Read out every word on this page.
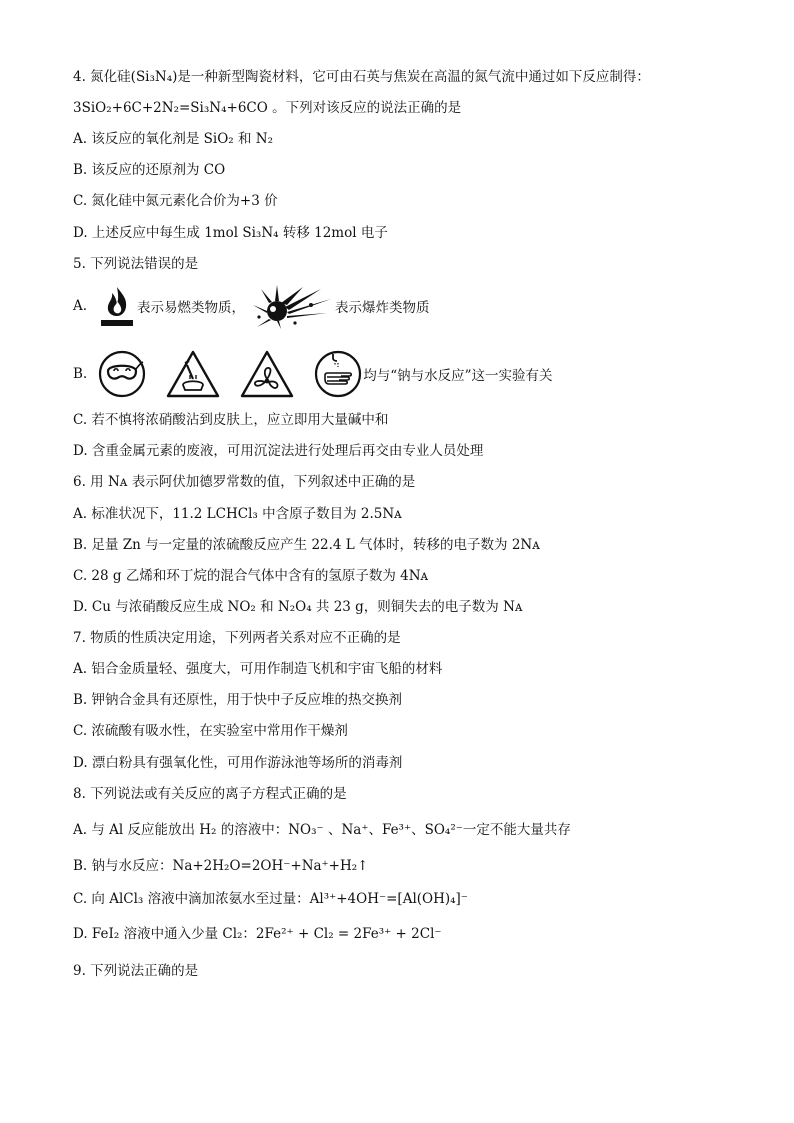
4. 氮化硅(Si₃N₄)是一种新型陶瓷材料，它可由石英与焦炭在高温的氮气流中通过如下反应制得：
3SiO₂+6C+2N₂=Si₃N₄+6CO 。下列对该反应的说法正确的是
A. 该反应的氧化剂是 SiO₂ 和 N₂
B. 该反应的还原剂为 CO
C. 氮化硅中氮元素化合价为+3 价
D. 上述反应中每生成 1mol Si₃N₄ 转移 12mol 电子
5. 下列说法错误的是
A.	表示易燃类物质，	表示爆炸类物质
B.	均与“钠与水反应”这一实验有关
C. 若不慎将浓硝酸沾到皮肤上，应立即用大量碱中和
D. 含重金属元素的废液，可用沉淀法进行处理后再交由专业人员处理
6. 用 Nᴀ 表示阿伏加德罗常数的值，下列叙述中正确的是
A. 标准状况下，11.2 LCHCl₃ 中含原子数目为 2.5Nᴀ
B. 足量 Zn 与一定量的浓硫酸反应产生 22.4 L 气体时，转移的电子数为 2Nᴀ
C. 28 g 乙烯和环丁烷的混合气体中含有的氢原子数为 4Nᴀ
D. Cu 与浓硝酸反应生成 NO₂ 和 N₂O₄ 共 23 g，则铜失去的电子数为 Nᴀ
7. 物质的性质决定用途，下列两者关系对应不正确的是
A. 铝合金质量轻、强度大，可用作制造飞机和宇宙飞船的材料
B. 钾钠合金具有还原性，用于快中子反应堆的热交换剂
C. 浓硫酸有吸水性，在实验室中常用作干燥剂
D. 漂白粉具有强氧化性，可用作游泳池等场所的消毒剂
8. 下列说法或有关反应的离子方程式正确的是
A. 与 Al 反应能放出 H₂ 的溶液中：NO₃⁻ 、Na⁺、Fe³⁺、SO₄²⁻一定不能大量共存
B. 钠与水反应：Na+2H₂O=2OH⁻+Na⁺+H₂↑
C. 向 AlCl₃ 溶液中滴加浓氨水至过量：Al³⁺+4OH⁻=[Al(OH)₄]⁻
D. FeI₂ 溶液中通入少量 Cl₂：2Fe²⁺ + Cl₂ = 2Fe³⁺ + 2Cl⁻
9. 下列说法正确的是
